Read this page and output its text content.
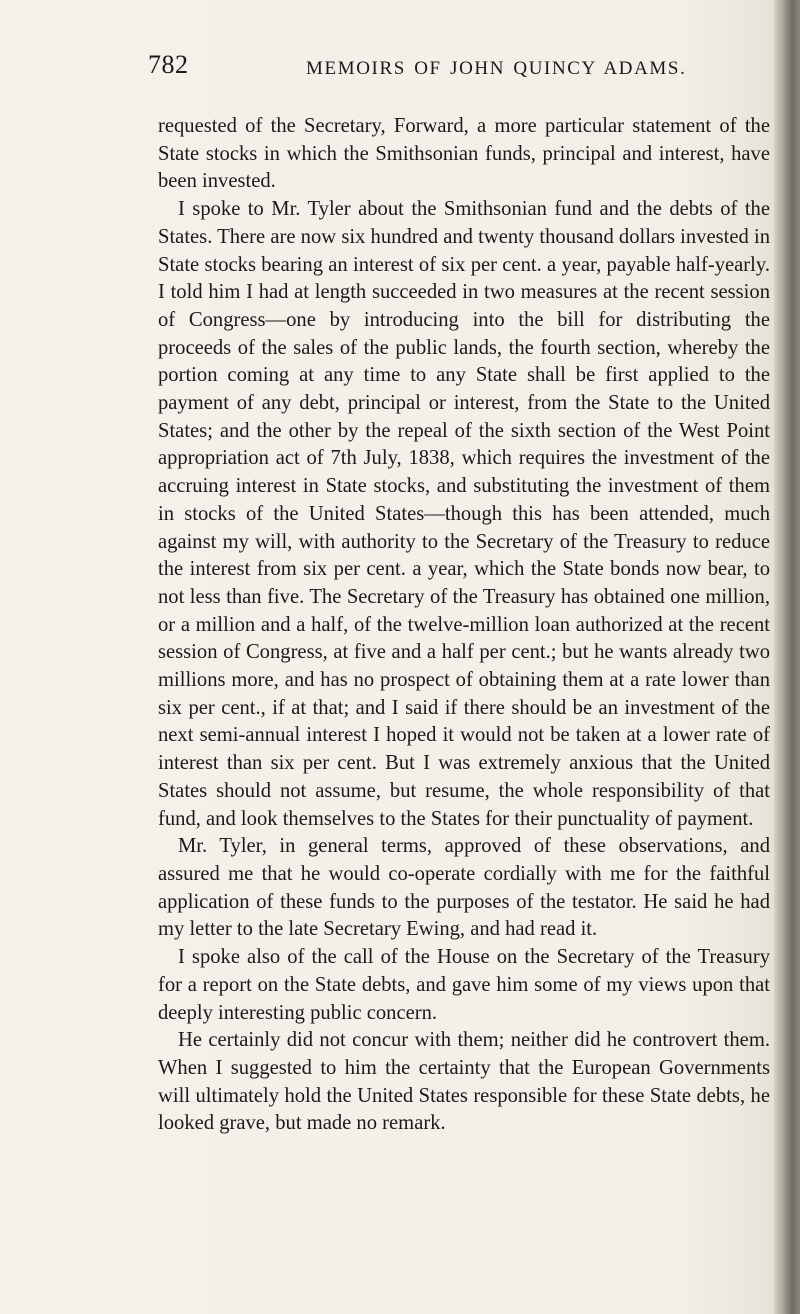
782	MEMOIRS OF JOHN QUINCY ADAMS.

requested of the Secretary, Forward, a more particular statement of the State stocks in which the Smithsonian funds, principal and interest, have been invested.

I spoke to Mr. Tyler about the Smithsonian fund and the debts of the States. There are now six hundred and twenty thousand dollars invested in State stocks bearing an interest of six per cent. a year, payable half-yearly. I told him I had at length succeeded in two measures at the recent session of Congress—one by introducing into the bill for distributing the proceeds of the sales of the public lands, the fourth section, whereby the portion coming at any time to any State shall be first applied to the payment of any debt, principal or interest, from the State to the United States; and the other by the repeal of the sixth section of the West Point appropriation act of 7th July, 1838, which requires the investment of the accruing interest in State stocks, and substituting the investment of them in stocks of the United States—though this has been attended, much against my will, with authority to the Secretary of the Treasury to reduce the interest from six per cent. a year, which the State bonds now bear, to not less than five. The Secretary of the Treasury has obtained one million, or a million and a half, of the twelve-million loan authorized at the recent session of Congress, at five and a half per cent.; but he wants already two millions more, and has no prospect of obtaining them at a rate lower than six per cent., if at that; and I said if there should be an investment of the next semi-annual interest I hoped it would not be taken at a lower rate of interest than six per cent. But I was extremely anxious that the United States should not assume, but resume, the whole responsibility of that fund, and look themselves to the States for their punctuality of payment.

Mr. Tyler, in general terms, approved of these observations, and assured me that he would co-operate cordially with me for the faithful application of these funds to the purposes of the testator. He said he had my letter to the late Secretary Ewing, and had read it.

I spoke also of the call of the House on the Secretary of the Treasury for a report on the State debts, and gave him some of my views upon that deeply interesting public concern.

He certainly did not concur with them; neither did he controvert them. When I suggested to him the certainty that the European Governments will ultimately hold the United States responsible for these State debts, he looked grave, but made no remark.
